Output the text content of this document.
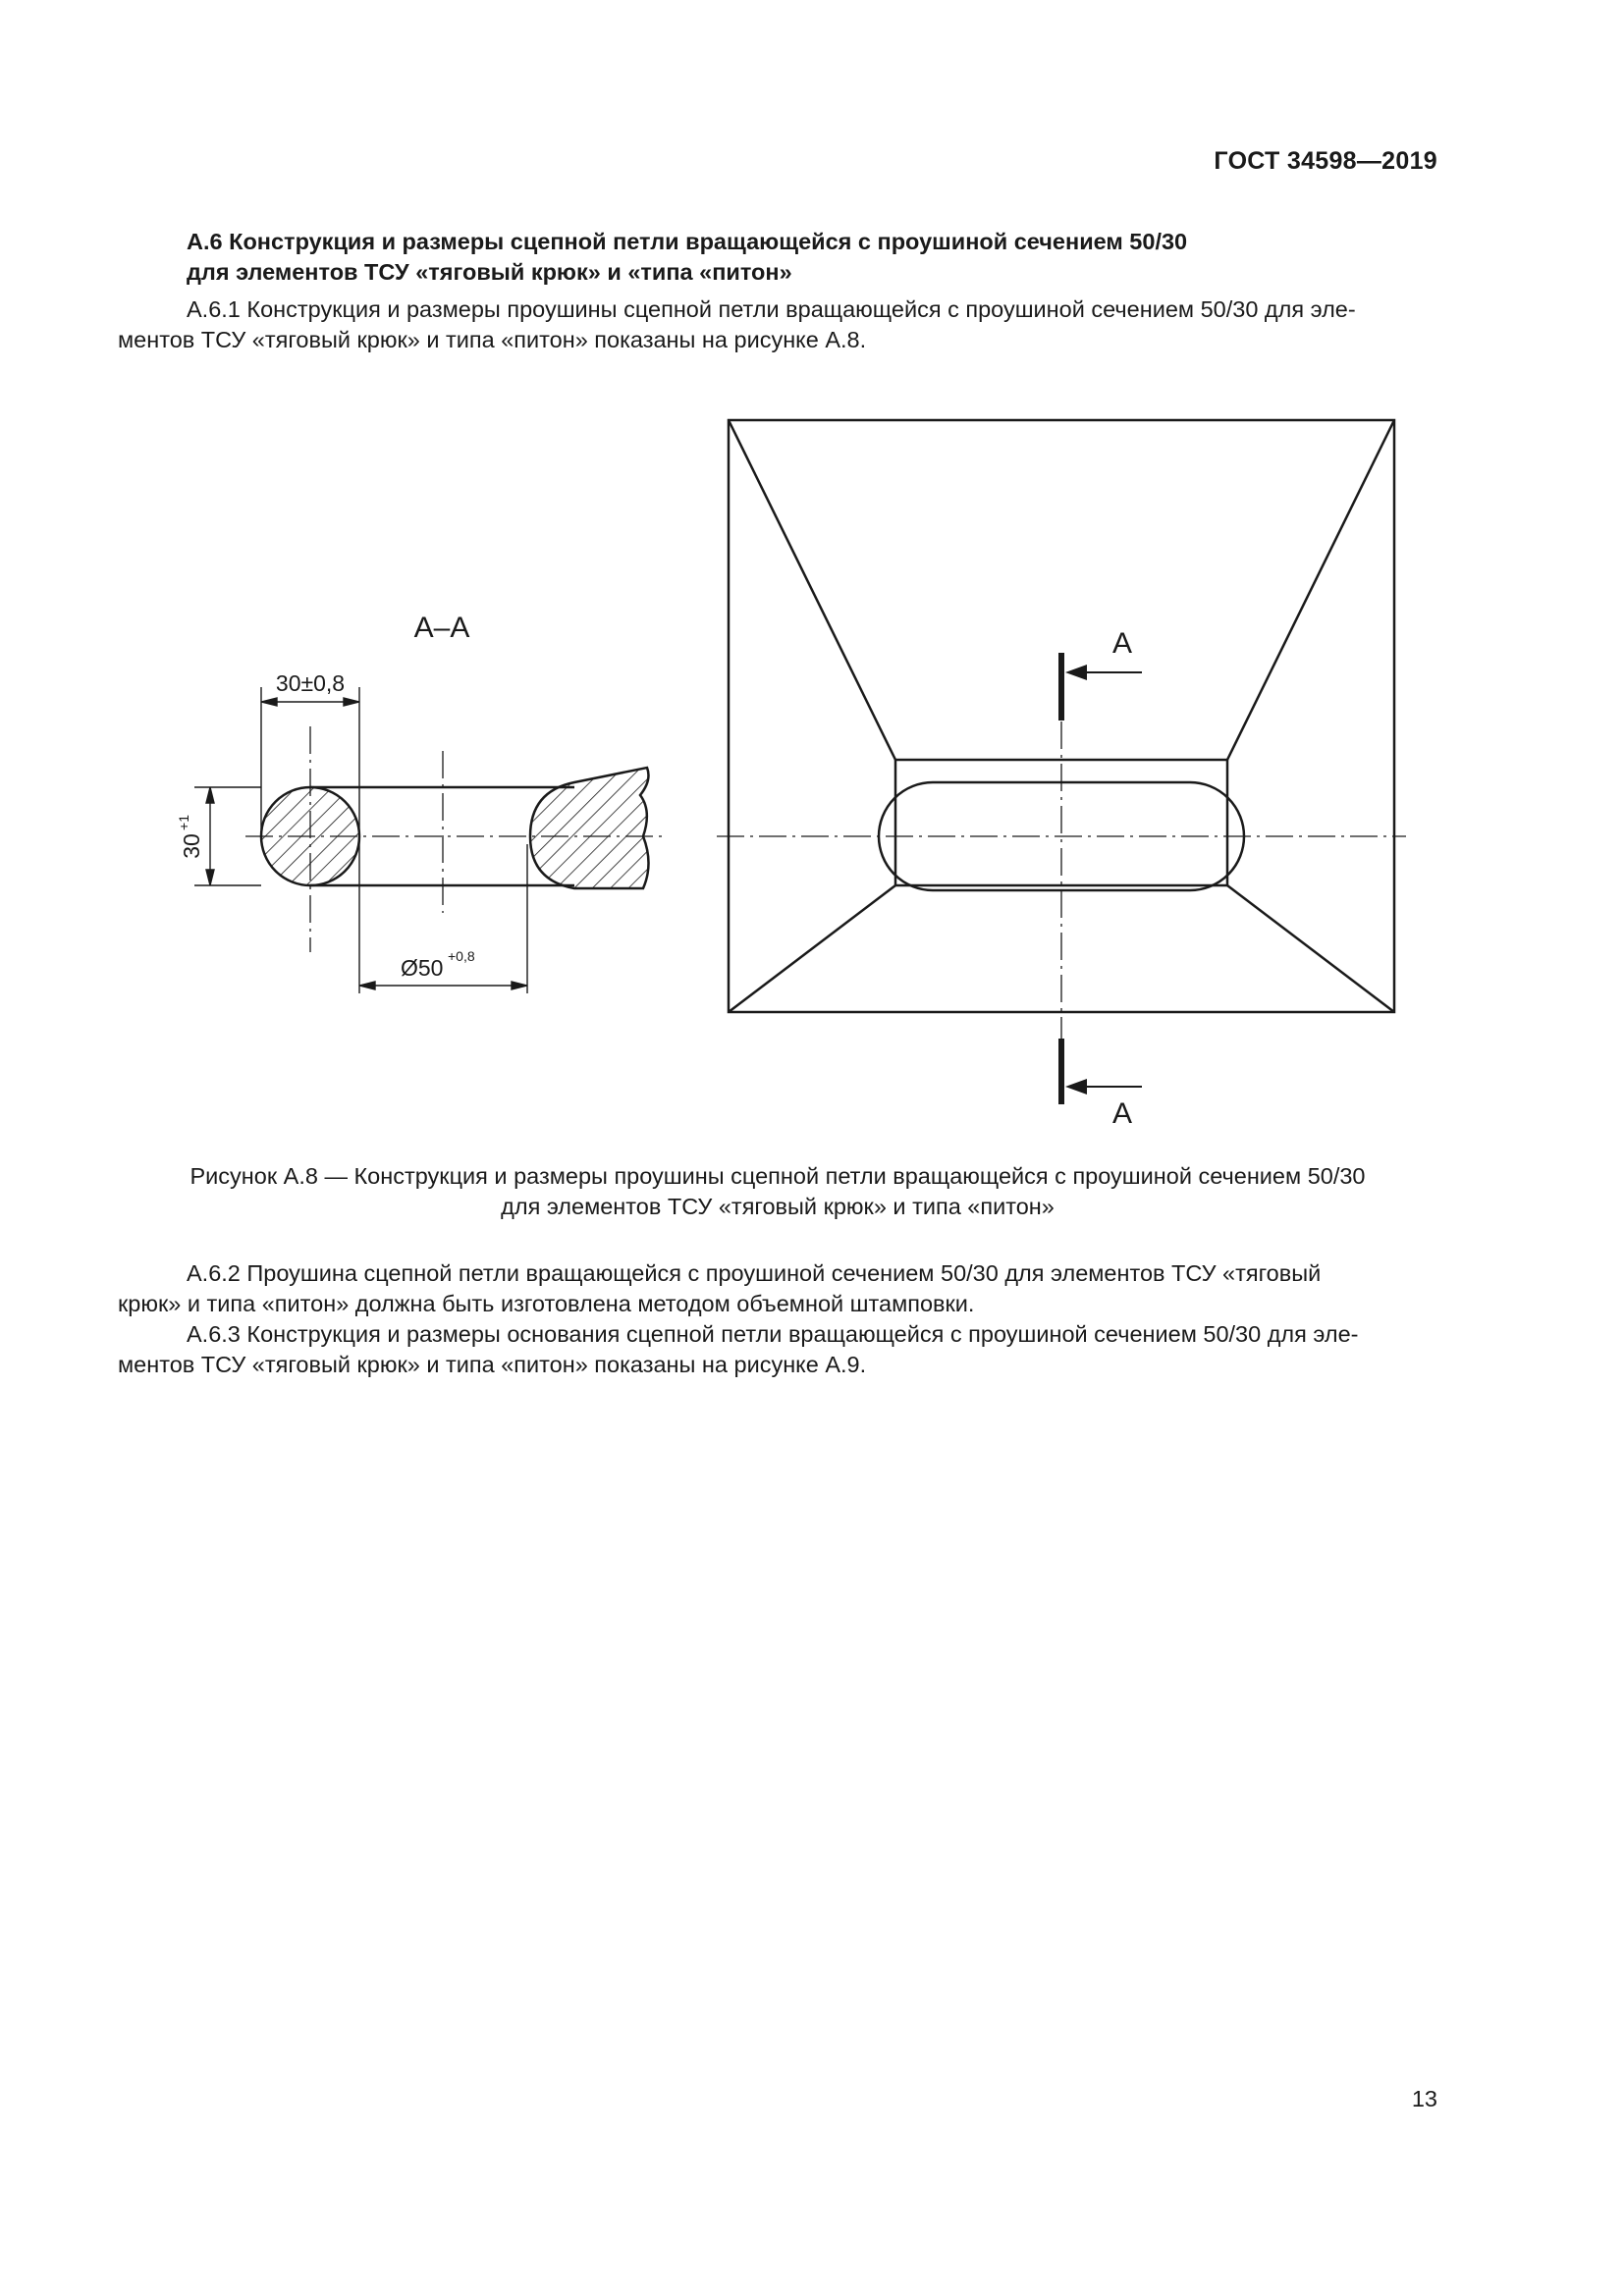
ГОСТ 34598—2019
А.6 Конструкция и размеры сцепной петли вращающейся с проушиной сечением 50/30
для элементов ТСУ «тяговый крюк» и «типа «питон»
А.6.1 Конструкция и размеры проушины сцепной петли вращающейся с проушиной сечением 50/30 для эле-
ментов ТСУ «тяговый крюк» и типа «питон» показаны на рисунке А.8.
А–А
30±0,8
30
+1
Ø50 +0,8
А
А
Рисунок А.8 — Конструкция и размеры проушины сцепной петли вращающейся с проушиной сечением 50/30
для элементов ТСУ «тяговый крюк» и типа «питон»
А.6.2 Проушина сцепной петли вращающейся с проушиной сечением 50/30 для элементов ТСУ «тяговый
крюк» и типа «питон» должна быть изготовлена методом объемной штамповки.
А.6.3 Конструкция и размеры основания сцепной петли вращающейся с проушиной сечением 50/30 для эле-
ментов ТСУ «тяговый крюк» и типа «питон» показаны на рисунке А.9.
13
